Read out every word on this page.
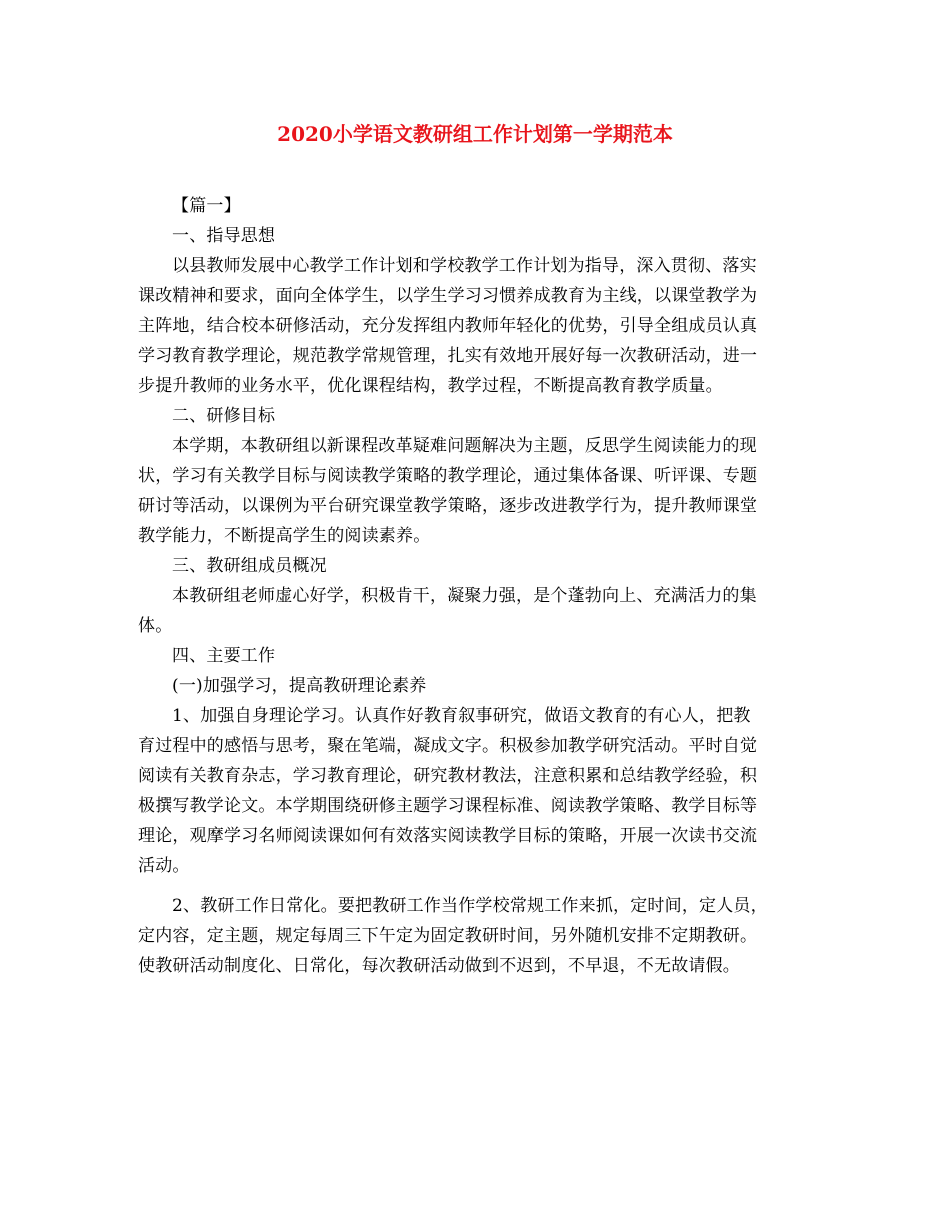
2020小学语文教研组工作计划第一学期范本
【篇一】
一、指导思想
以县教师发展中心教学工作计划和学校教学工作计划为指导，深入贯彻、落实
课改精神和要求，面向全体学生，以学生学习习惯养成教育为主线，以课堂教学为
主阵地，结合校本研修活动，充分发挥组内教师年轻化的优势，引导全组成员认真
学习教育教学理论，规范教学常规管理，扎实有效地开展好每一次教研活动，进一
步提升教师的业务水平，优化课程结构，教学过程，不断提高教育教学质量。
二、研修目标
本学期，本教研组以新课程改革疑难问题解决为主题，反思学生阅读能力的现
状，学习有关教学目标与阅读教学策略的教学理论，通过集体备课、听评课、专题
研讨等活动，以课例为平台研究课堂教学策略，逐步改进教学行为，提升教师课堂
教学能力，不断提高学生的阅读素养。
三、教研组成员概况
本教研组老师虚心好学，积极肯干，凝聚力强，是个蓬勃向上、充满活力的集
体。
四、主要工作
(一)加强学习，提高教研理论素养
1、加强自身理论学习。认真作好教育叙事研究，做语文教育的有心人，把教
育过程中的感悟与思考，聚在笔端，凝成文字。积极参加教学研究活动。平时自觉
阅读有关教育杂志，学习教育理论，研究教材教法，注意积累和总结教学经验，积
极撰写教学论文。本学期围绕研修主题学习课程标准、阅读教学策略、教学目标等
理论，观摩学习名师阅读课如何有效落实阅读教学目标的策略，开展一次读书交流
活动。
2、教研工作日常化。要把教研工作当作学校常规工作来抓，定时间，定人员，
定内容，定主题，规定每周三下午定为固定教研时间，另外随机安排不定期教研。
使教研活动制度化、日常化，每次教研活动做到不迟到，不早退，不无故请假。
